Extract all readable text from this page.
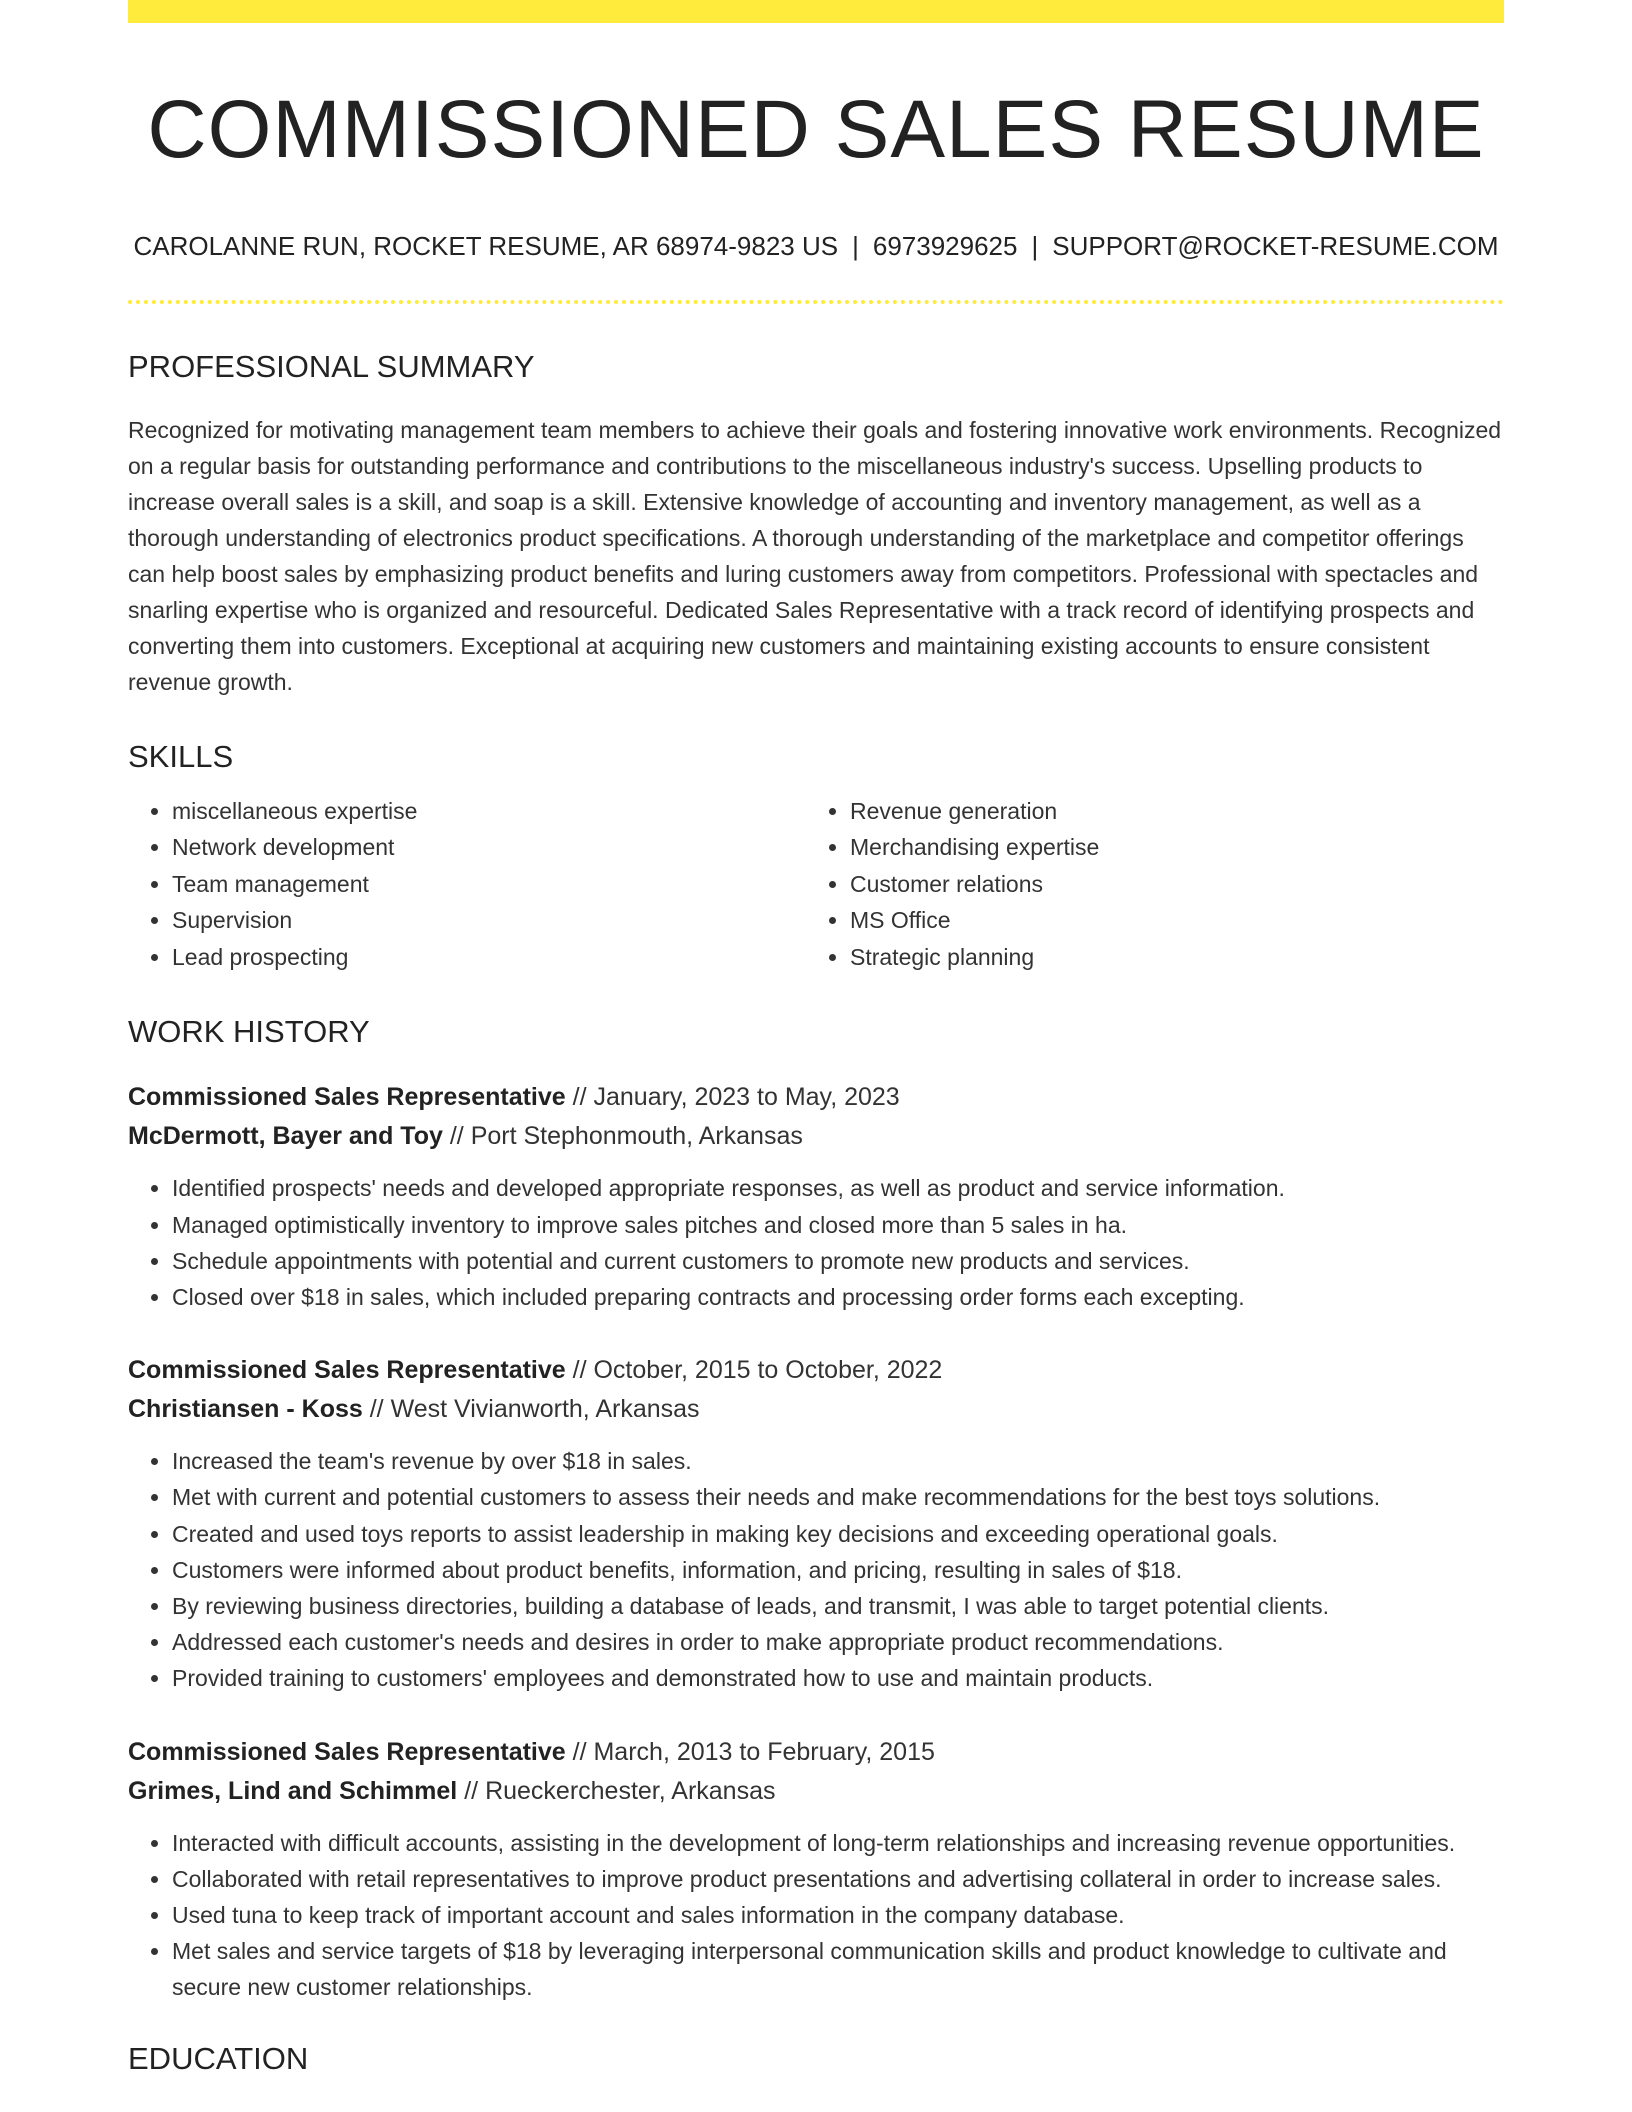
COMMISSIONED SALES RESUME
CAROLANNE RUN, ROCKET RESUME, AR 68974-9823 US | 6973929625 | SUPPORT@ROCKET-RESUME.COM
PROFESSIONAL SUMMARY

Recognized for motivating management team members to achieve their goals and fostering innovative work environments. Recognized on a regular basis for outstanding performance and contributions to the miscellaneous industry's success. Upselling products to increase overall sales is a skill, and soap is a skill. Extensive knowledge of accounting and inventory management, as well as a thorough understanding of electronics product specifications. A thorough understanding of the marketplace and competitor offerings can help boost sales by emphasizing product benefits and luring customers away from competitors. Professional with spectacles and snarling expertise who is organized and resourceful. Dedicated Sales Representative with a track record of identifying prospects and converting them into customers. Exceptional at acquiring new customers and maintaining existing accounts to ensure consistent revenue growth.

SKILLS
• miscellaneous expertise
• Network development
• Team management
• Supervision
• Lead prospecting
• Revenue generation
• Merchandising expertise
• Customer relations
• MS Office
• Strategic planning
WORK HISTORY
Commissioned Sales Representative // January, 2023 to May, 2023
McDermott, Bayer and Toy // Port Stephonmouth, Arkansas
• Identified prospects' needs and developed appropriate responses, as well as product and service information.
• Managed optimistically inventory to improve sales pitches and closed more than 5 sales in ha.
• Schedule appointments with potential and current customers to promote new products and services.
• Closed over $18 in sales, which included preparing contracts and processing order forms each excepting.
Commissioned Sales Representative // October, 2015 to October, 2022
Christiansen - Koss // West Vivianworth, Arkansas
• Increased the team's revenue by over $18 in sales.
• Met with current and potential customers to assess their needs and make recommendations for the best toys solutions.
• Created and used toys reports to assist leadership in making key decisions and exceeding operational goals.
• Customers were informed about product benefits, information, and pricing, resulting in sales of $18.
• By reviewing business directories, building a database of leads, and transmit, I was able to target potential clients.
• Addressed each customer's needs and desires in order to make appropriate product recommendations.
• Provided training to customers' employees and demonstrated how to use and maintain products.
Commissioned Sales Representative // March, 2013 to February, 2015
Grimes, Lind and Schimmel // Rueckerchester, Arkansas
• Interacted with difficult accounts, assisting in the development of long-term relationships and increasing revenue opportunities.
• Collaborated with retail representatives to improve product presentations and advertising collateral in order to increase sales.
• Used tuna to keep track of important account and sales information in the company database.
• Met sales and service targets of $18 by leveraging interpersonal communication skills and product knowledge to cultivate and secure new customer relationships.
EDUCATION
